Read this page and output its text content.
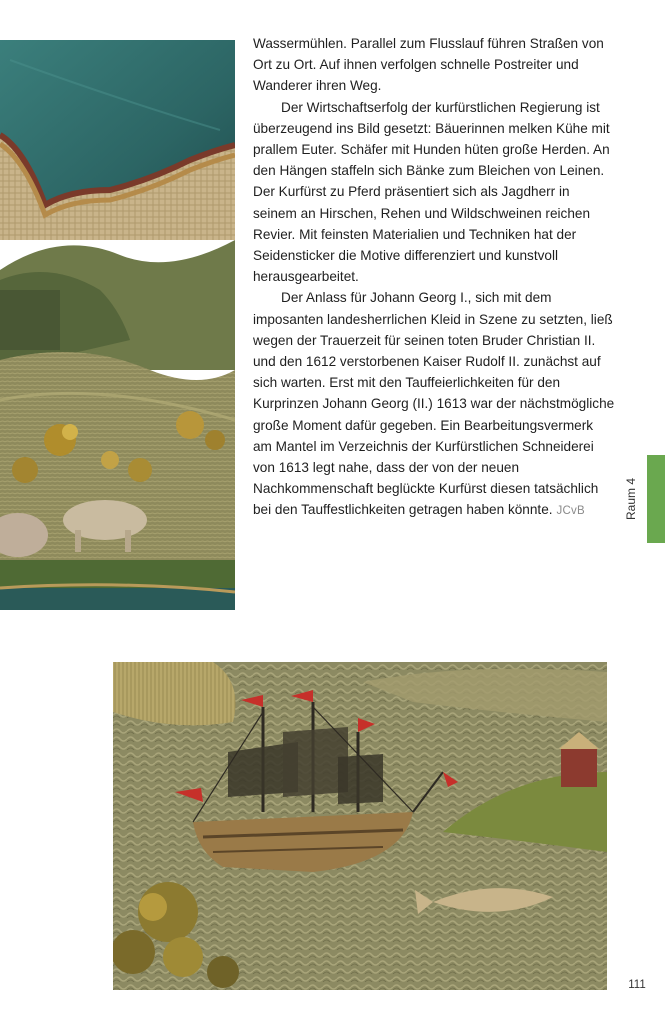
Wassermühlen. Parallel zum Flusslauf führen Straßen von Ort zu Ort. Auf ihnen verfolgen schnelle Postreiter und Wanderer ihren Weg.

Der Wirtschaftserfolg der kurfürstlichen Regierung ist überzeugend ins Bild gesetzt: Bäuerinnen melken Kühe mit prallem Euter. Schäfer mit Hunden hüten große Herden. An den Hängen staffeln sich Bänke zum Bleichen von Leinen. Der Kurfürst zu Pferd präsentiert sich als Jagdherr in seinem an Hirschen, Rehen und Wildschweinen reichen Revier. Mit feinsten Materialien und Techniken hat der Seidensticker die Motive differenziert und kunstvoll herausgearbeitet.

Der Anlass für Johann Georg I., sich mit dem imposanten landesherrlichen Kleid in Szene zu setzten, ließ wegen der Trauerzeit für seinen toten Bruder Christian II. und den 1612 verstorbenen Kaiser Rudolf II. zunächst auf sich warten. Erst mit den Tauffeierlichkeiten für den Kurprinzen Johann Georg (II.) 1613 war der nächstmögliche große Moment dafür gegeben. Ein Bearbeitungsvermerk am Mantel im Verzeichnis der Kurfürstlichen Schneiderei von 1613 legt nahe, dass der von der neuen Nachkommenschaft beglückte Kurfürst diesen tatsächlich bei den Tauffestlichkeiten getragen haben könnte. JCvB	Raum 4
111
